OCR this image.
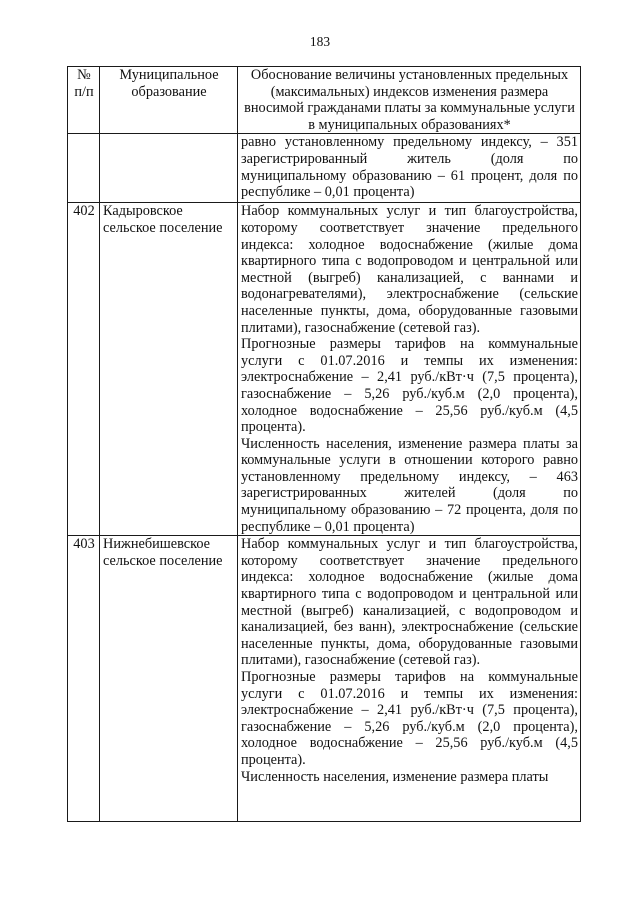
183
№ п/п	Муниципальное образование	Обоснование величины установленных предельных (максимальных) индексов изменения размера вносимой гражданами платы за коммунальные услуги в муниципальных образованиях*

		равно установленному предельному индексу, – 351 зарегистрированный житель (доля по муниципальному образованию – 61 процент, доля по республике – 0,01 процента)

402	Кадыровское сельское поселение	Набор коммунальных услуг и тип благоустройства, которому соответствует значение предельного индекса: холодное водоснабжение (жилые дома квартирного типа с водопроводом и центральной или местной (выгреб) канализацией, с ваннами и водонагревателями), электроснабжение (сельские населенные пункты, дома, оборудованные газовыми плитами), газоснабжение (сетевой газ).
Прогнозные размеры тарифов на коммунальные услуги с 01.07.2016 и темпы их изменения: электроснабжение – 2,41 руб./кВт·ч (7,5 процента), газоснабжение – 5,26 руб./куб.м (2,0 процента), холодное водоснабжение – 25,56 руб./куб.м (4,5 процента).
Численность населения, изменение размера платы за коммунальные услуги в отношении которого равно установленному предельному индексу, – 463 зарегистрированных жителей (доля по муниципальному образованию – 72 процента, доля по республике – 0,01 процента)

403	Нижнебишевское сельское поселение	Набор коммунальных услуг и тип благоустройства, которому соответствует значение предельного индекса: холодное водоснабжение (жилые дома квартирного типа с водопроводом и центральной или местной (выгреб) канализацией, с водопроводом и канализацией, без ванн), электроснабжение (сельские населенные пункты, дома, оборудованные газовыми плитами), газоснабжение (сетевой газ).
Прогнозные размеры тарифов на коммунальные услуги с 01.07.2016 и темпы их изменения: электроснабжение – 2,41 руб./кВт·ч (7,5 процента), газоснабжение – 5,26 руб./куб.м (2,0 процента), холодное водоснабжение – 25,56 руб./куб.м (4,5 процента).
Численность населения, изменение размера платы
